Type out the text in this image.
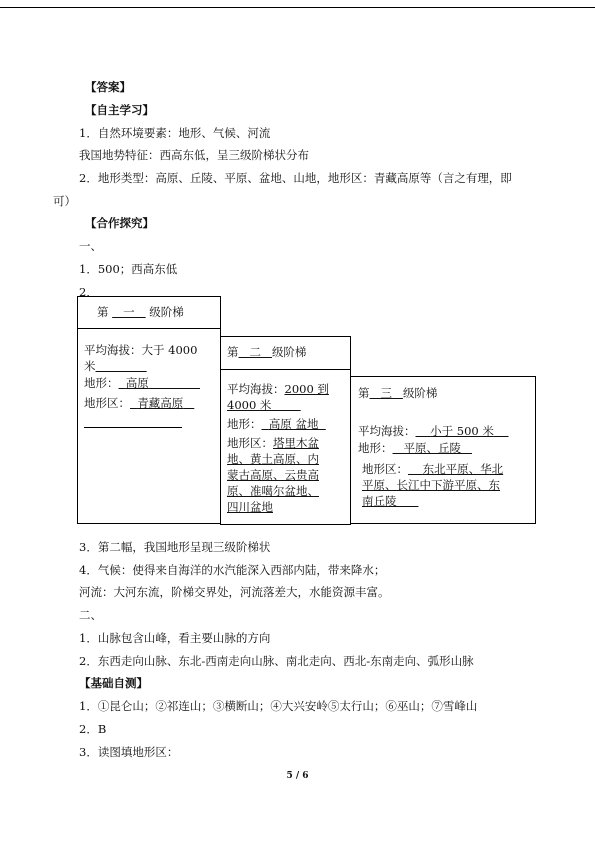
【答案】
【自主学习】
1．自然环境要素：地形、气候、河流
我国地势特征：西高东低，呈三级阶梯状分布
2．地形类型：高原、丘陵、平原、盆地、山地，地形区：青藏高原等（言之有理，即
可）
【合作探究】
一、
1．500；西高东低
2．
第 一 级阶梯
平均海拔：大于 4000
米
地形： 高原
地形区： 青藏高原
第 二 级阶梯
平均海拔：2000 到
4000 米
地形： 高原 盆地
地形区：塔里木盆
地、黄土高原、内
蒙古高原、云贵高
原、准噶尔盆地、
四川盆地
第 三 级阶梯
平均海拔： 小于 500 米
地形： 平原、丘陵
地形区： 东北平原、华北
平原、长江中下游平原、东
南丘陵
3．第二幅，我国地形呈现三级阶梯状
4．气候：使得来自海洋的水汽能深入西部内陆，带来降水；
河流：大河东流，阶梯交界处，河流落差大，水能资源丰富。
二、
1．山脉包含山峰，看主要山脉的方向
2．东西走向山脉、东北-西南走向山脉、南北走向、西北-东南走向、弧形山脉
【基础自测】
1．①昆仑山；②祁连山；③横断山；④大兴安岭⑤太行山；⑥巫山；⑦雪峰山
2．B
3．读图填地形区：
5 / 6
